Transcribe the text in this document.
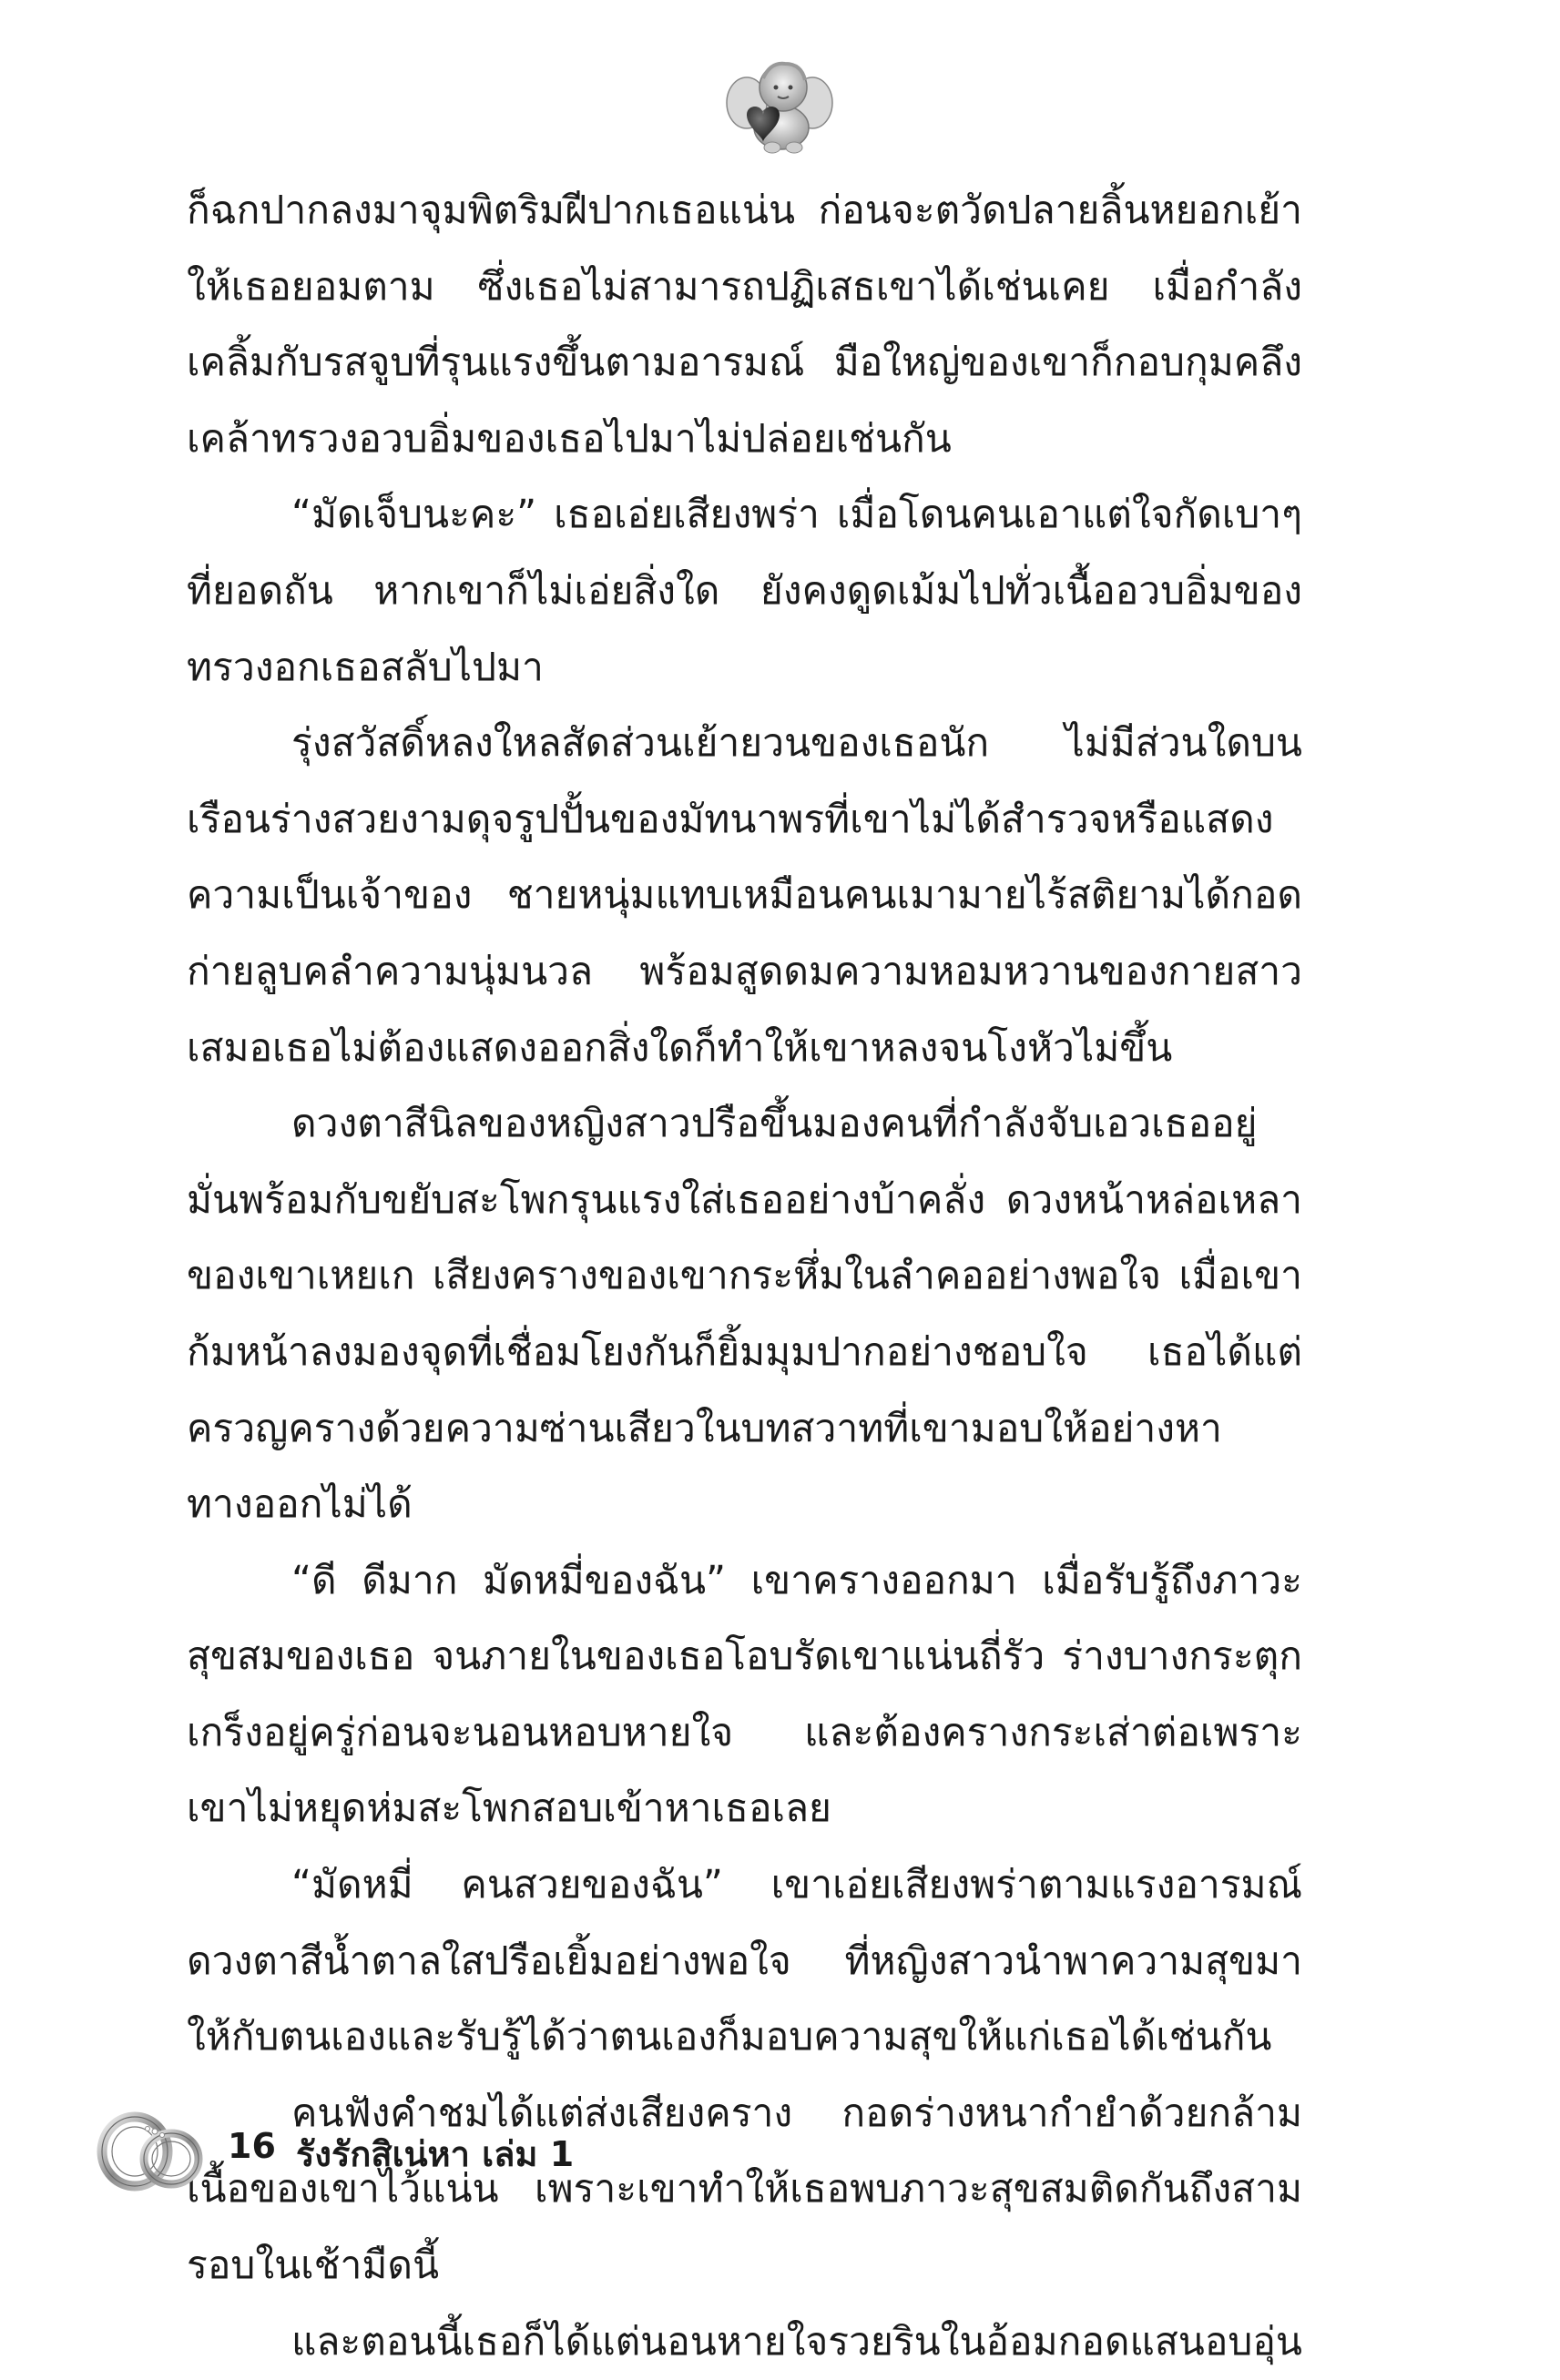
ก็ฉกปากลงมาจุมพิตริมฝีปากเธอแน่น ก่อนจะตวัดปลายลิ้นหยอกเย้าให้เธอยอมตาม ซึ่งเธอไม่สามารถปฏิเสธเขาได้เช่นเคย เมื่อกำลังเคลิ้มกับรสจูบที่รุนแรงขึ้นตามอารมณ์ มือใหญ่ของเขาก็กอบกุมคลึงเคล้าทรวงอวบอิ่มของเธอไปมาไม่ปล่อยเช่นกัน

“มัดเจ็บนะคะ” เธอเอ่ยเสียงพร่า เมื่อโดนคนเอาแต่ใจกัดเบาๆที่ยอดถัน หากเขาก็ไม่เอ่ยสิ่งใด ยังคงดูดเม้มไปทั่วเนื้ออวบอิ่มของทรวงอกเธอสลับไปมา

รุ่งสวัสดิ์หลงใหลสัดส่วนเย้ายวนของเธอนัก ไม่มีส่วนใดบนเรือนร่างสวยงามดุจรูปปั้นของมัทนาพรที่เขาไม่ได้สำรวจหรือแสดงความเป็นเจ้าของ ชายหนุ่มแทบเหมือนคนเมามายไร้สติยามได้กอดก่ายลูบคลำความนุ่มนวล พร้อมสูดดมความหอมหวานของกายสาวเสมอเธอไม่ต้องแสดงออกสิ่งใดก็ทำให้เขาหลงจนโงหัวไม่ขึ้น

ดวงตาสีนิลของหญิงสาวปรือขึ้นมองคนที่กำลังจับเอวเธออยู่มั่นพร้อมกับขยับสะโพกรุนแรงใส่เธออย่างบ้าคลั่ง ดวงหน้าหล่อเหลาของเขาเหยเก เสียงครางของเขากระหึ่มในลำคออย่างพอใจ เมื่อเขาก้มหน้าลงมองจุดที่เชื่อมโยงกันก็ยิ้มมุมปากอย่างชอบใจ เธอได้แต่ครวญครางด้วยความซ่านเสียวในบทสวาทที่เขามอบให้อย่างหาทางออกไม่ได้

“ดี ดีมาก มัดหมี่ของฉัน” เขาครางออกมา เมื่อรับรู้ถึงภาวะสุขสมของเธอ จนภายในของเธอโอบรัดเขาแน่นถี่รัว ร่างบางกระตุกเกร็งอยู่ครู่ก่อนจะนอนหอบหายใจ และต้องครางกระเส่าต่อเพราะเขาไม่หยุดห่มสะโพกสอบเข้าหาเธอเลย

“มัดหมี่ คนสวยของฉัน” เขาเอ่ยเสียงพร่าตามแรงอารมณ์ ดวงตาสีน้ำตาลใสปรือเยิ้มอย่างพอใจ ที่หญิงสาวนำพาความสุขมาให้กับตนเองและรับรู้ได้ว่าตนเองก็มอบความสุขให้แก่เธอได้เช่นกัน

คนฟังคำชมได้แต่ส่งเสียงคราง กอดร่างหนากำยำด้วยกล้ามเนื้อของเขาไว้แน่น เพราะเขาทำให้เธอพบภาวะสุขสมติดกันถึงสามรอบในเช้ามืดนี้

และตอนนี้เธอก็ได้แต่นอนหายใจรวยรินในอ้อมกอดแสนอบอุ่น

16 รังรักสิเน่หา เล่ม 1
